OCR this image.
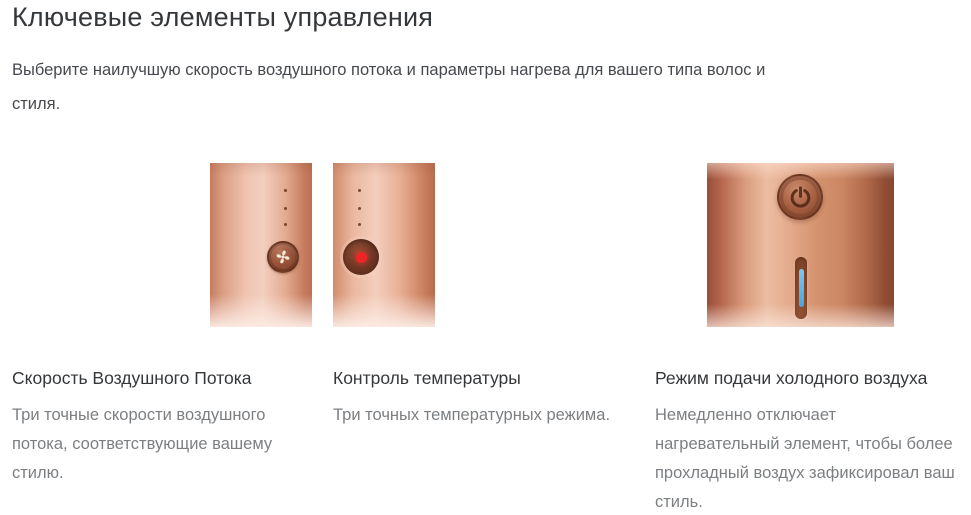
Ключевые элементы управления

Выберите наилучшую скорость воздушного потока и параметры нагрева для вашего типа волос и стиля.

Скорость Воздушного Потока

Три точные скорости воздушного потока, соответствующие вашему стилю.

Контроль температуры

Три точных температурных режима.

Режим подачи холодного воздуха

Немедленно отключает нагревательный элемент, чтобы более прохладный воздух зафиксировал ваш стиль.
